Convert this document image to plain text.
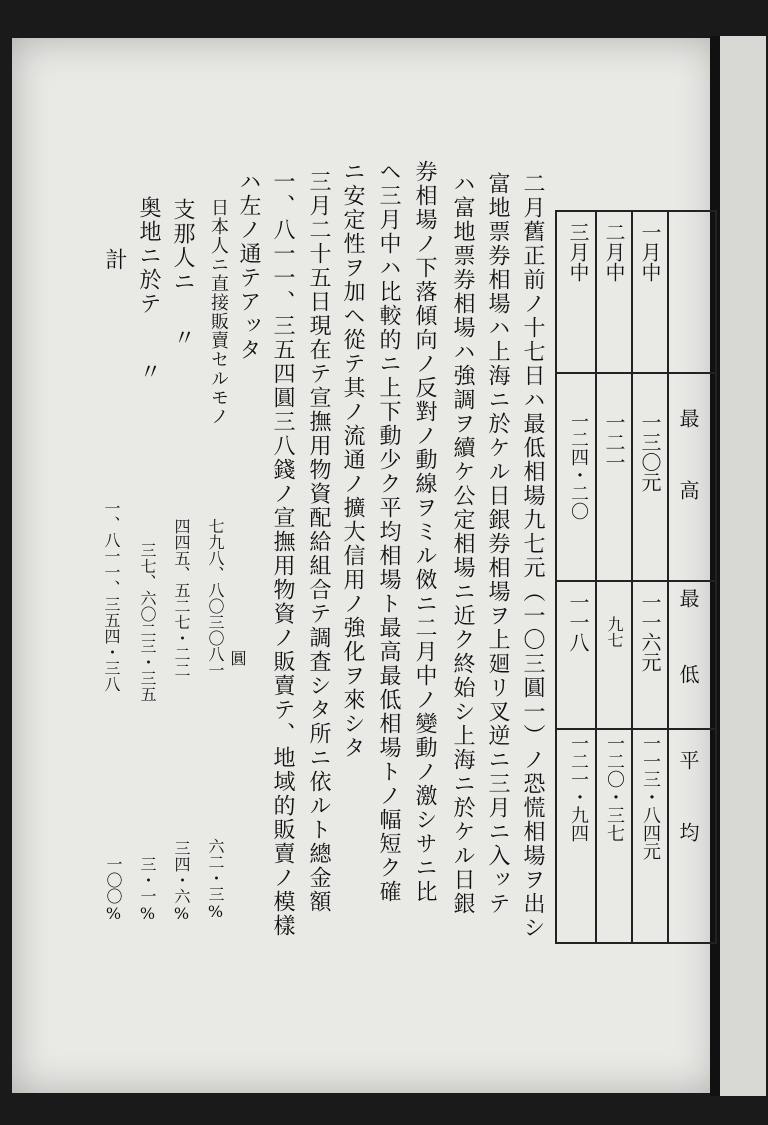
二月舊正前ノ十七日ハ最低相場九七元（一〇三圓一）ノ恐慌相場ヲ出シ
富地票券相場ハ上海ニ於ケル日銀券相場ヲ上廻リ叉逆ニ三月ニ入ッテ
ハ富地票券相場ハ強調ヲ續ケ公定相場ニ近ク終始シ上海ニ於ケル日銀
券相場ノ下落傾向ノ反對ノ動線ヲミル傚ニ二月中ノ變動ノ激シサニ比
ヘ三月中ハ比較的ニ上下動少ク平均相場ト最高最低相場トノ幅短ク確
ニ安定性ヲ加ヘ從テ其ノ流通ノ擴大信用ノ強化ヲ來シタ
三月二十五日現在テ宣撫用物資配給組合テ調査シタ所ニ依ルト總金額
一、八一一、三五四圓三八錢ノ宣撫用物資ノ販賣テ、地域的販賣ノ模樣
ハ左ノ通テアッタ
日本人ニ直接販賣セルモノ
支那人ニ
〃
奥地ニ於テ
〃
計
七九八、八〇三〇八一 圓
四四五、五二七・二二
三七、六〇二三・三五
一、八一一、三五四・三八
六二・三%
三四・六%
三・一%
一〇〇%
最高
最低
平均
一月中
一三〇元
一一六元
一一三・八四元
二月中
一二一
九七
一二〇・三七
三月中
一二四・二〇
一一八
一二一・九四
